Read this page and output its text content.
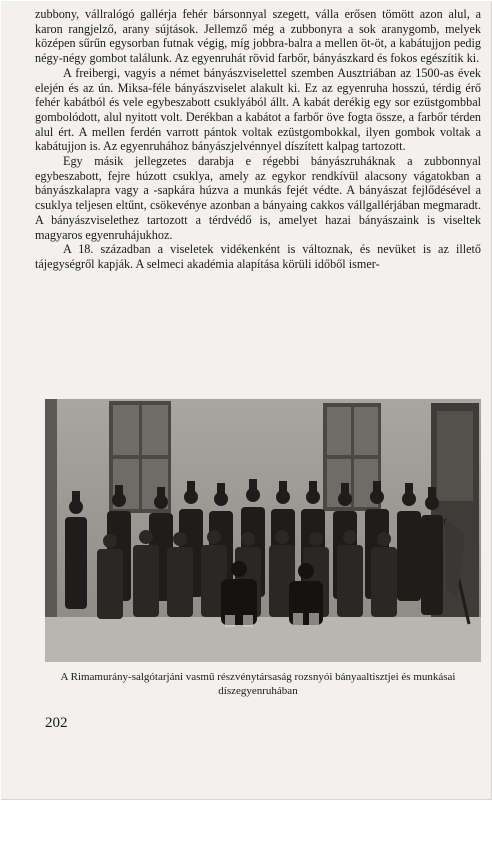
zubbony, vállralógó gallérja fehér bársonnyal szegett, válla erősen tömött azon alul, a karon rangjelző, arany sújtások. Jellemző még a zubbonyra a sok aranygomb, melyek középen sűrűn egysorban futnak végig, míg jobbra-balra a mellen öt-öt, a kabátujjon pedig négy-négy gombot találunk. Az egyenruhát rövid farbőr, bányászkard és fokos egészítik ki.

A freibergi, vagyis a német bányászviselettel szemben Ausztriában az 1500-as évek elején és az ún. Miksa-féle bányászviselet alakult ki. Ez az egyenruha hosszú, térdig érő fehér kabátból és vele egybeszabott csuklyából állt. A kabát derékig egy sor ezüstgombbal gombolódott, alul nyitott volt. Derékban a kabátot a farbőr öve fogta össze, a farbőr térden alul ért. A mellen ferdén varrott pántok voltak ezüstgombokkal, ilyen gombok voltak a kabátujjon is. Az egyenruhához bányászjelvénnyel díszített kalpag tartozott.

Egy másik jellegzetes darabja e régebbi bányászruháknak a zubbonnyal egybeszabott, fejre húzott csuklya, amely az egykor rendkívül alacsony vágatokban a bányászkalapra vagy a -sapkára húzva a munkás fejét védte. A bányászat fejlődésével a csuklya teljesen eltűnt, csökevénye azonban a bányaing cakkos vállgallérjában megmaradt. A bányászviselethez tartozott a térdvédő is, amelyet hazai bányászaink is viseltek magyaros egyenruhájukhoz.

A 18. században a viseletek vidékenként is változnak, és nevüket is az illető tájegységről kapják. A selmeci akadémia alapítása körüli időből ismer-

depositphotos
A Rimamurány-salgótarjáni vasmű részvénytársaság rozsnyói bányaaltisztjei és munkásai díszegyenruhában
202
